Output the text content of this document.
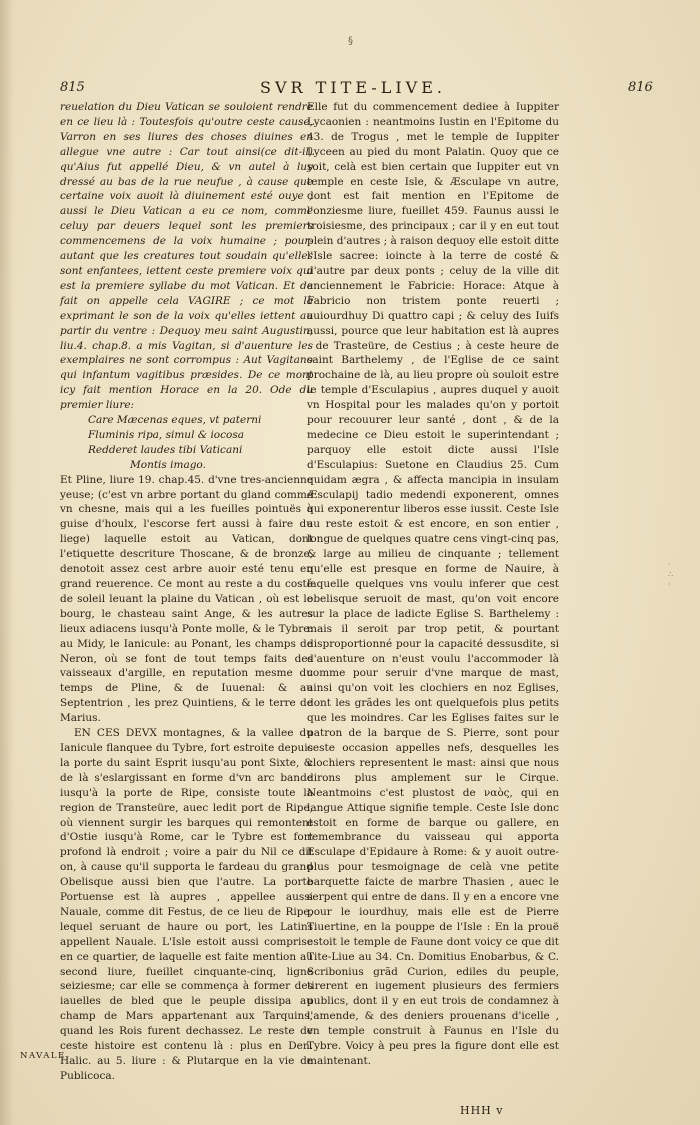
§
815	SVR TITE-LIVE.	816

reuelation du Dieu Vatican se souloient rendre en ce lieu là : Toutesfois qu'outre ceste cause, Varron en ses liures des choses diuines en allegue vne autre : Car tout ainsi(ce dit-il) qu'Aius fut appellé Dieu, & vn autel à luy dressé au bas de la rue neufue , à cause que certaine voix auoit là diuinement esté ouye ; aussi le Dieu Vatican a eu ce nom, comme celuy par deuers lequel sont les premiers commencemens de la voix humaine ; pour-autant que les creatures tout soudain qu'elles sont enfantees, iettent ceste premiere voix qui est la premiere syllabe du mot Vatican. Et de fait on appelle cela VAGIRE ; ce mot là exprimant le son de la voix qu'elles iettent au partir du ventre : Dequoy meu saint Augustin, liu.4. chap.8. a mis Vagitan, si d'auenture les exemplaires ne sont corrompus : Aut Vagitano qui infantum vagitibus præsides. De ce mont icy fait mention Horace en la 20. Ode du premier liure:

Care Mæcenas eques, vt paterni
Fluminis ripa, simul & iocosa
Redderet laudes tibi Vaticani
Montis imago.

Et Pline, liure 19. chap.45. d'vne tres-ancienne yeuse; (c'est vn arbre portant du gland comme vn chesne, mais qui a les fueilles pointuës à guise d'houlx, l'escorse fert aussi à faire du liege) laquelle estoit au Vatican, dont l'etiquette descriture Thoscane, & de bronze, denotoit assez cest arbre auoir esté tenu en grand reuerence. Ce mont au reste a du costé de soleil leuant la plaine du Vatican , où est le bourg, le chasteau saint Ange, & les autres lieux adiacens iusqu'à Ponte molle, & le Tybre: au Midy, le Ianicule: au Ponant, les champs de Neron, où se font de tout temps faits des vaisseaux d'argille, en reputation mesme du temps de Pline, & de Iuuenal: & au Septentrion , les prez Quintiens, & le terre de Marius.

EN CES DEVX montagnes, & la vallee du Ianicule flanquee du Tybre, fort estroite depuis la porte du saint Esprit iusqu'au pont Sixte, & de là s'eslargissant en forme d'vn arc bande iusqu'à la porte de Ripe, consiste toute la region de Transteüre, auec ledit port de Ripe, où viennent surgir les barques qui remontent d'Ostie iusqu'à Rome, car le Tybre est fort profond là endroit ; voire a pair du Nil ce dit on, à cause qu'il supporta le fardeau du grand Obelisque aussi bien que l'autre. La porte Portuense est là aupres , appellee aussi Nauale, comme dit Festus, de ce lieu de Ripe, lequel seruant de haure ou port, les Latins appellent Nauale. L'Isle estoit aussi comprise en ce quartier, de laquelle est faite mention au second liure, fueillet cinquante-cinq, ligne seiziesme; car elle se commença à former des iauelles de bled que le peuple dissipa au champ de Mars appartenant aux Tarquins, quand les Rois furent dechassez. Le reste de ceste histoire est contenu là : plus en Den. Halic. au 5. liure : & Plutarque en la vie de Publicoca.

Elle fut du commencement dediee à Iuppiter Lycaonien : neantmoins Iustin en l'Epitome du 43. de Trogus , met le temple de Iuppiter Lyceen au pied du mont Palatin. Quoy que ce soit, celà est bien certain que Iuppiter eut vn temple en ceste Isle, & Æsculape vn autre, dont est fait mention en l'Epitome de l'onziesme liure, fueillet 459. Faunus aussi le troisiesme, des principaux ; car il y en eut tout plein d'autres ; à raison dequoy elle estoit ditte l'Isle sacree: ioincte à la terre de costé & d'autre par deux ponts ; celuy de la ville dit anciennement le Fabricie: Horace: Atque à Fabricio non tristem ponte reuerti ; auiourdhuy Di quattro capi ; & celuy des Iuifs aussi, pource que leur habitation est là aupres : de Trasteüre, de Cestius ; à ceste heure de saint Barthelemy , de l'Eglise de ce saint prochaine de là, au lieu propre où souloit estre le temple d'Esculapius , aupres duquel y auoit vn Hospital pour les malades qu'on y portoit pour recouurer leur santé , dont , & de la medecine ce Dieu estoit le superintendant ; parquoy elle estoit dicte aussi l'Isle d'Esculapius: Suetone en Claudius 25. Cum quidam ægra , & affecta mancipia in insulam Æsculapij tadio medendi exponerent, omnes qui exponerentur liberos esse iussit. Ceste Isle au reste estoit & est encore, en son entier , longue de quelques quatre cens vingt-cinq pas, & large au milieu de cinquante ; tellement qu'elle est presque en forme de Nauire, à laquelle quelques vns voulu inferer que cest obelisque seruoit de mast, qu'on voit encore sur la place de ladicte Eglise S. Barthelemy : mais il seroit par trop petit, & pourtant disproportionné pour la capacité dessusdite, si d'auenture on n'eust voulu l'accommoder là comme pour seruir d'vne marque de mast, ainsi qu'on voit les clochiers en noz Eglises, dont les grãdes les ont quelquefois plus petits que les moindres. Car les Eglises faites sur le patron de la barque de S. Pierre, sont pour ceste occasion appelles nefs, desquelles les clochiers representent le mast: ainsi que nous dirons plus amplement sur le Cirque. Neantmoins c'est plustost de ναὸς, qui en langue Attique signifie temple. Ceste Isle donc estoit en forme de barque ou gallere, en remembrance du vaisseau qui apporta Esculape d'Epidaure à Rome: & y auoit outre-plus pour tesmoignage de celà vne petite barquette faicte de marbre Thasien , auec le serpent qui entre de dans. Il y en a encore vne pour le iourdhuy, mais elle est de Pierre Tiuertine, en la pouppe de l'Isle : En la prouë estoit le temple de Faune dont voicy ce que dit Tite-Liue au 34. Cn. Domitius Enobarbus, & C. Scribonius grãd Curion, ediles du peuple, tirerent en iugement plusieurs des fermiers publics, dont il y en eut trois de condamnez à l'amende, & des deniers prouenans d'icelle , vn temple construit à Faunus en l'Isle du Tybre. Voicy à peu pres la figure dont elle est maintenant.

NAVALE.
HHH v
·
∴
·
